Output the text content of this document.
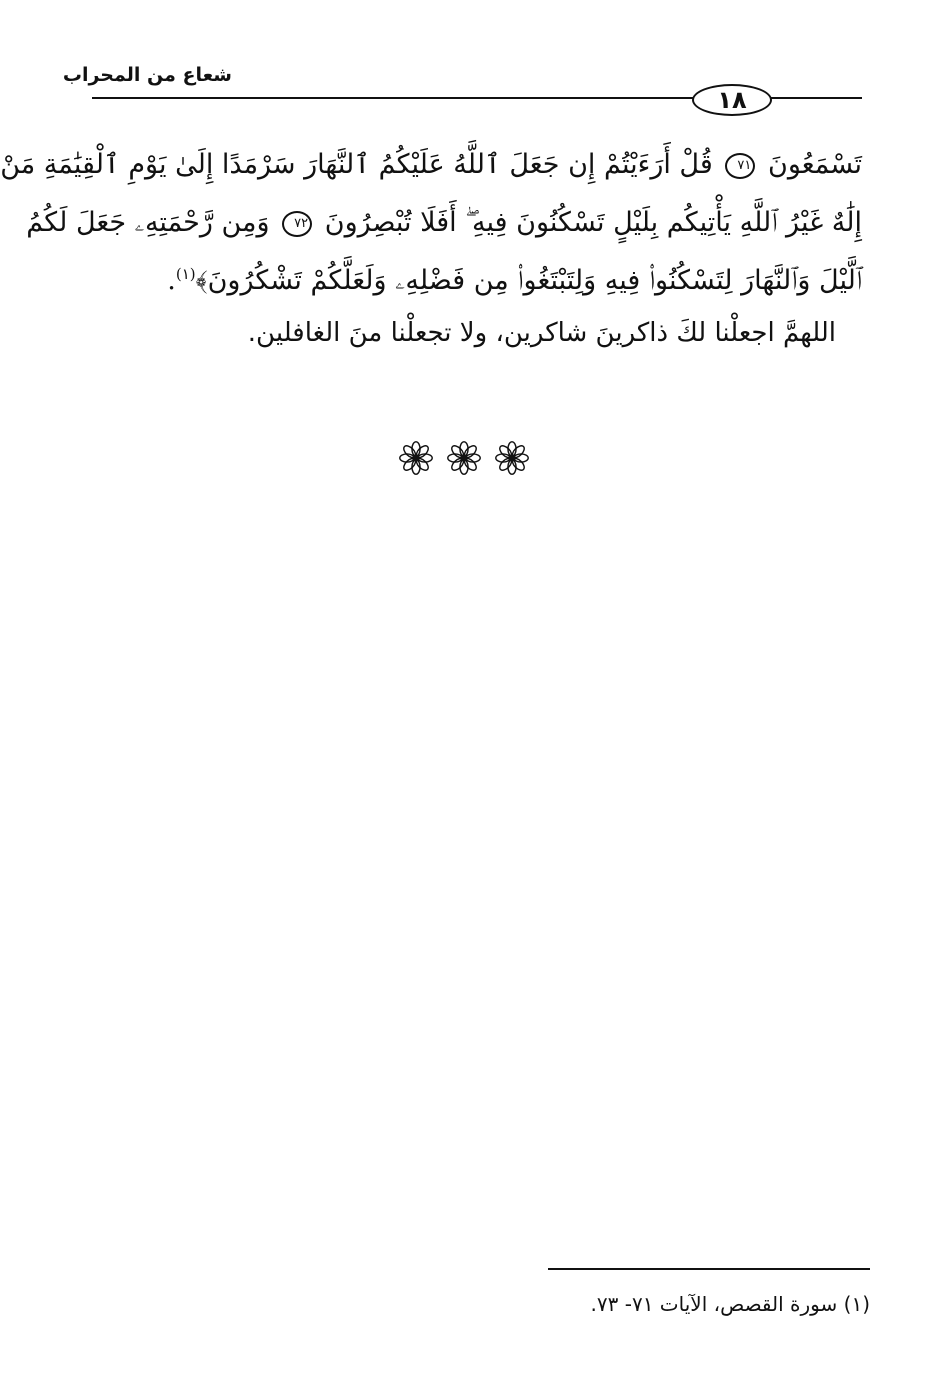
شعاع من المحراب
١٨
تَسْمَعُونَ ٧١ قُلْ أَرَءَيْتُمْ إِن جَعَلَ ٱللَّهُ عَلَيْكُمُ ٱلنَّهَارَ سَرْمَدًا إِلَىٰ يَوْمِ ٱلْقِيَٰمَةِ مَنْ
إِلَٰهٌ غَيْرُ ٱللَّهِ يَأْتِيكُم بِلَيْلٍ تَسْكُنُونَ فِيهِ ۖ أَفَلَا تُبْصِرُونَ ٧٢ وَمِن رَّحْمَتِهِۦ جَعَلَ لَكُمُ
ٱلَّيْلَ وَٱلنَّهَارَ لِتَسْكُنُوا۟ فِيهِ وَلِتَبْتَغُوا۟ مِن فَضْلِهِۦ وَلَعَلَّكُمْ تَشْكُرُونَ﴾$^{(١)}$.
اللهمَّ اجعلْنا لكَ ذاكرينَ شاكرين، ولا تجعلْنا منَ الغافلين.
(١) سورة القصص، الآيات ٧١- ٧٣.
